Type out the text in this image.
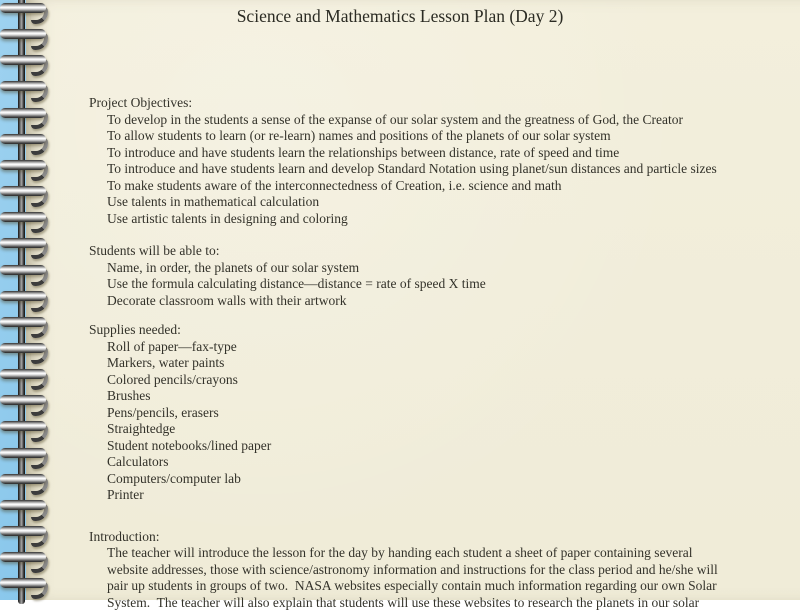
Science and Mathematics Lesson Plan (Day 2)
Project Objectives:
To develop in the students a sense of the expanse of our solar system and the greatness of God, the Creator
To allow students to learn (or re-learn) names and positions of the planets of our solar system
To introduce and have students learn the relationships between distance, rate of speed and time
To introduce and have students learn and develop Standard Notation using planet/sun distances and particle sizes
To make students aware of the interconnectedness of Creation, i.e. science and math
Use talents in mathematical calculation
Use artistic talents in designing and coloring
Students will be able to:
Name, in order, the planets of our solar system
Use the formula calculating distance—distance = rate of speed X time
Decorate classroom walls with their artwork
Supplies needed:
Roll of paper—fax-type
Markers, water paints
Colored pencils/crayons
Brushes
Pens/pencils, erasers
Straightedge
Student notebooks/lined paper
Calculators
Computers/computer lab
Printer
Introduction:
The teacher will introduce the lesson for the day by handing each student a sheet of paper containing several
website addresses, those with science/astronomy information and instructions for the class period and he/she will
pair up students in groups of two.  NASA websites especially contain much information regarding our own Solar
System.  The teacher will also explain that students will use these websites to research the planets in our solar
